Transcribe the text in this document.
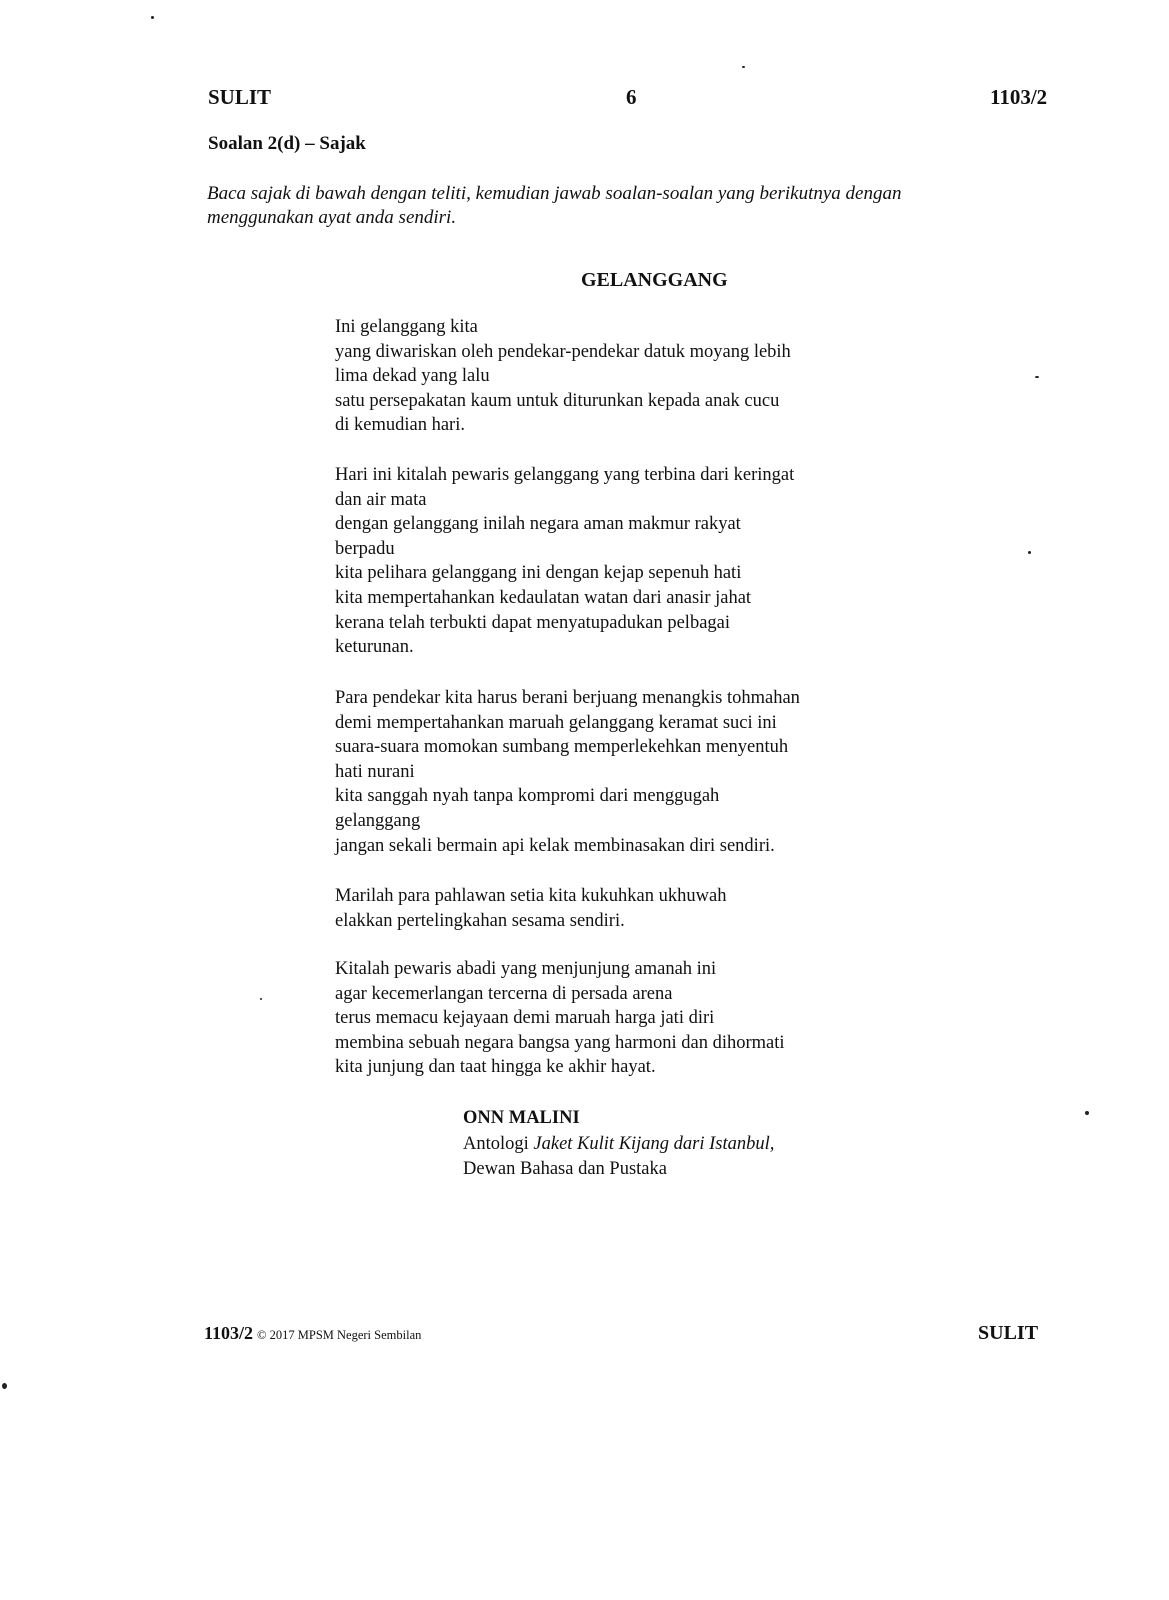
SULIT	6	1103/2
Soalan 2(d) – Sajak
Baca sajak di bawah dengan teliti, kemudian jawab soalan-soalan yang berikutnya dengan
menggunakan ayat anda sendiri.
GELANGGANG
Ini gelanggang kita
yang diwariskan oleh pendekar-pendekar datuk moyang lebih
lima dekad yang lalu
satu persepakatan kaum untuk diturunkan kepada anak cucu
di kemudian hari.
Hari ini kitalah pewaris gelanggang yang terbina dari keringat
dan air mata
dengan gelanggang inilah negara aman makmur rakyat
berpadu
kita pelihara gelanggang ini dengan kejap sepenuh hati
kita mempertahankan kedaulatan watan dari anasir jahat
kerana telah terbukti dapat menyatupadukan pelbagai
keturunan.
Para pendekar kita harus berani berjuang menangkis tohmahan
demi mempertahankan maruah gelanggang keramat suci ini
suara-suara momokan sumbang memperlekehkan menyentuh
hati nurani
kita sanggah nyah tanpa kompromi dari menggugah
gelanggang
jangan sekali bermain api kelak membinasakan diri sendiri.
Marilah para pahlawan setia kita kukuhkan ukhuwah
elakkan pertelingkahan sesama sendiri.
Kitalah pewaris abadi yang menjunjung amanah ini
agar kecemerlangan tercerna di persada arena
terus memacu kejayaan demi maruah harga jati diri
membina sebuah negara bangsa yang harmoni dan dihormati
kita junjung dan taat hingga ke akhir hayat.
ONN MALINI
Antologi Jaket Kulit Kijang dari Istanbul,
Dewan Bahasa dan Pustaka
1103/2 © 2017 MPSM Negeri Sembilan	SULIT
